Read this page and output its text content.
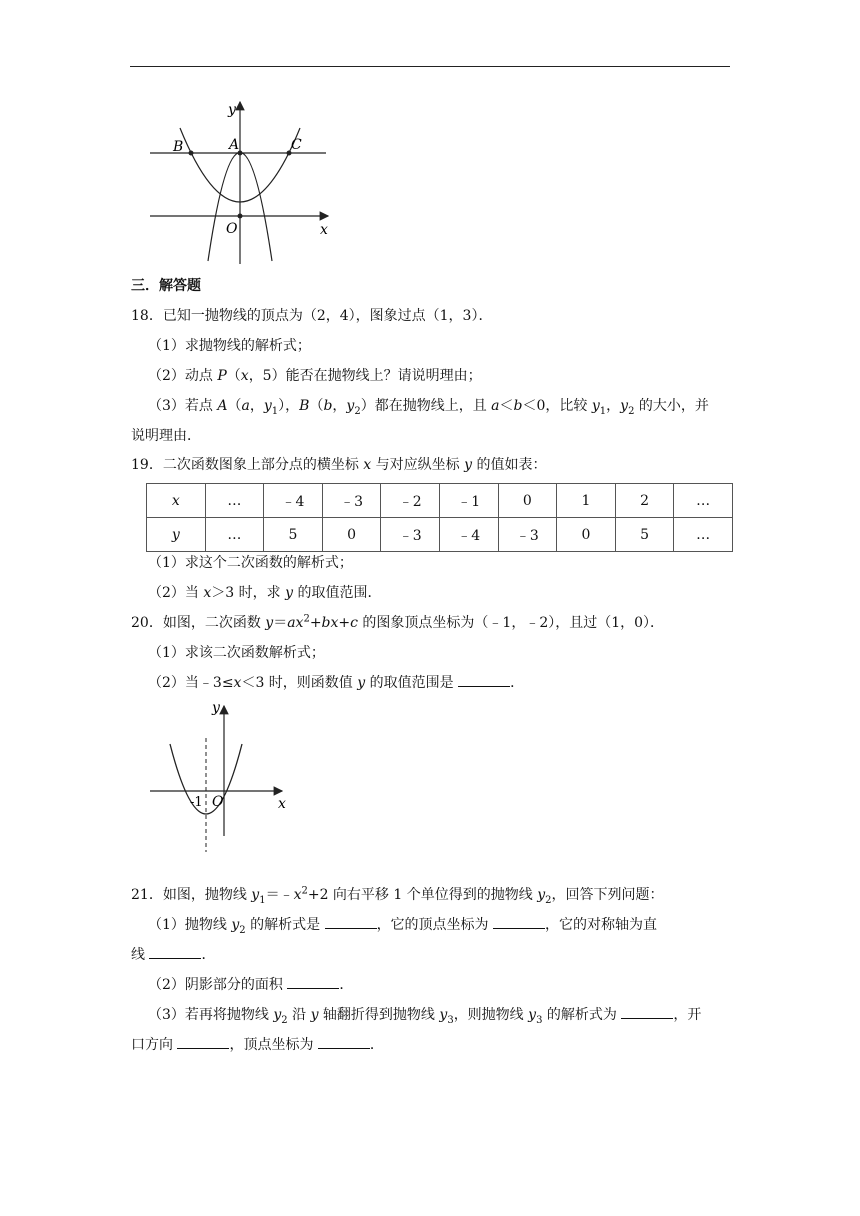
y
x
O
A
B	C
三．解答题
18．已知一抛物线的顶点为（2，4），图象过点（1，3）．
（1）求抛物线的解析式；
（2）动点 P（x，5）能否在抛物线上？请说明理由；
（3）若点 A（a，$y_1$），B（b，$y_2$）都在抛物线上，且 a＜b＜0，比较 $y_1$，$y_2$ 的大小，并
说明理由．
19．二次函数图象上部分点的横坐标 x 与对应纵坐标 y 的值如表：
x	…	﹣4	﹣3	﹣2	﹣1	0	1	2	…
y	…	5	0	﹣3	﹣4	﹣3	0	5	…
（1）求这个二次函数的解析式；
（2）当 x＞3 时，求 y 的取值范围．
20．如图，二次函数 $y=ax^2+bx+c$ 的图象顶点坐标为（﹣1，﹣2），且过（1，0）．
（1）求该二次函数解析式；
（2）当﹣3≤x＜3 时，则函数值 y 的取值范围是	．
y
x
O
-1
21．如图，抛物线 $y_1=﹣x^2+2$ 向右平移 1 个单位得到的抛物线 $y_2$，回答下列问题：
（1）抛物线 $y_2$ 的解析式是	，它的顶点坐标为	，它的对称轴为直
线	．
（2）阴影部分的面积	．
（3）若再将抛物线 $y_2$ 沿 y 轴翻折得到抛物线 $y_3$，则抛物线 $y_3$ 的解析式为	，开
口方向	，顶点坐标为	．
